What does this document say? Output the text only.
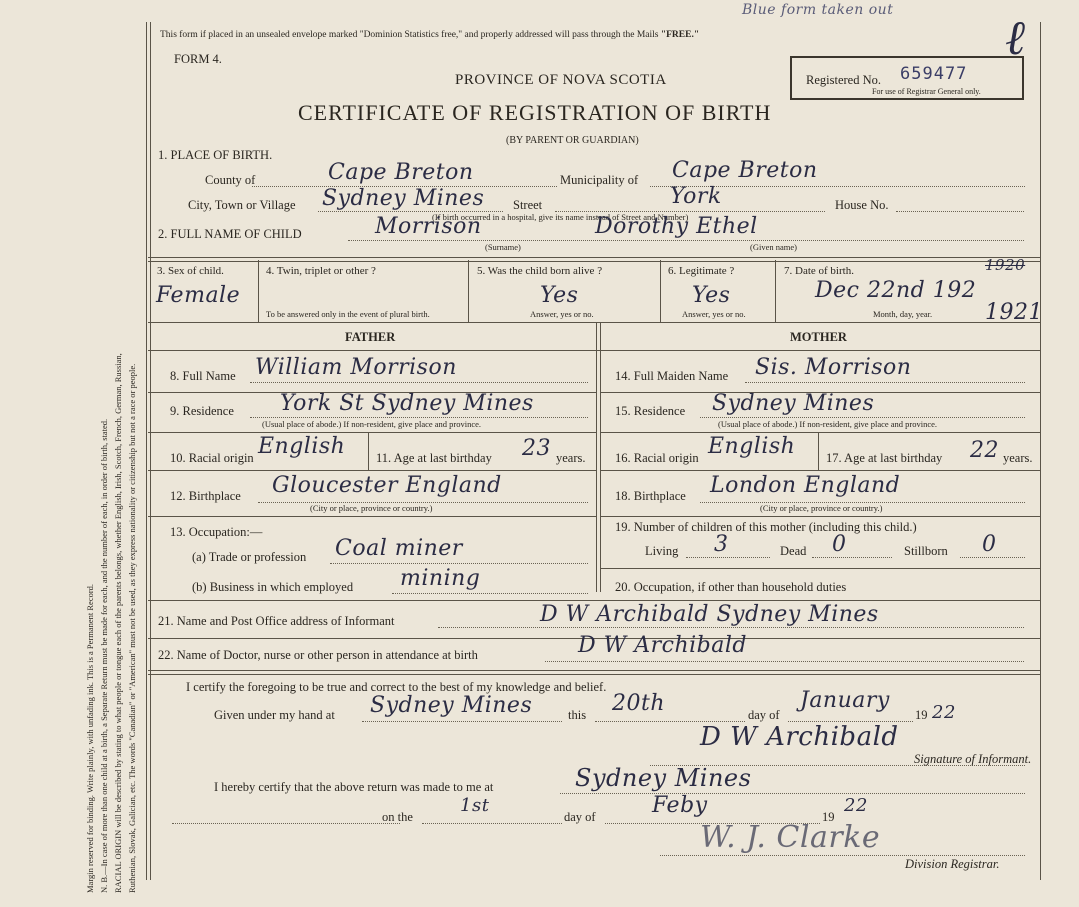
Margin reserved for binding. Write plainly, with unfading ink. This is a Permanent Record. N. B.—In case of more than one child at a birth, a Separate Return must be made for each, and the number of each, in order of birth, stated. RACIAL ORIGIN will be described by stating to what people or tongue each of the parents belongs, whether English, Irish, Scotch, French, German, Russian, Ruthenian, Slovak, Galician, etc. The words "Canadian" or "American" must not be used, as they express nationality or citizenship but not a race or people.
This form if placed in an unsealed envelope marked "Dominion Statistics free," and properly addressed will pass through the Mails "FREE."
Blue form taken out
FORM 4.
PROVINCE OF NOVA SCOTIA
CERTIFICATE OF REGISTRATION OF BIRTH
(BY PARENT OR GUARDIAN)
Registered No. 659477
For use of Registrar General only.
ℓ
1. PLACE OF BIRTH.
County of	Cape Breton	Municipality of Cape Breton
City, Town or Village Sydney Mines Street	York	House No.
(If birth occurred in a hospital, give its name instead of Street and Number)
2. FULL NAME OF CHILD	Morrison	Dorothy Ethel
(Surname)	(Given name)
3. Sex of child.
Female
4. Twin, triplet or other ?
To be answered only in the event of plural birth.
5. Was the child born alive ?
Yes
Answer, yes or no.
6. Legitimate ?
Yes
Answer, yes or no.
7. Date of birth.	1920
Dec 22nd 192
1921
Month, day, year.
FATHER	MOTHER
8. Full Name William Morrison
9. Residence York St Sydney Mines
(Usual place of abode.) If non-resident, give place and province.
10. Racial origin English 11. Age at last birthday 23 years.
12. Birthplace Gloucester England
(City or place, province or country.)
13. Occupation:—
(a) Trade or profession Coal miner
(b) Business in which employed mining
14. Full Maiden Name Sis. Morrison
15. Residence Sydney Mines
(Usual place of abode.) If non-resident, give place and province.
16. Racial origin English 17. Age at last birthday 22 years.
18. Birthplace London England
(City or place, province or country.)
19. Number of children of this mother (including this child.)
Living 3	Dead 0	Stillborn 0
20. Occupation, if other than household duties
21. Name and Post Office address of Informant	D W Archibald Sydney Mines
22. Name of Doctor, nurse or other person in attendance at birth	D W Archibald
I certify the foregoing to be true and correct to the best of my knowledge and belief.
Given under my hand at Sydney Mines	this 20th	day of
January
19 22
D W Archibald
Signature of Informant.
I hereby certify that the above return was made to me at	Sydney Mines
on the
1st
day of	Feby	19
22
W. J. Clarke
Division Registrar.
